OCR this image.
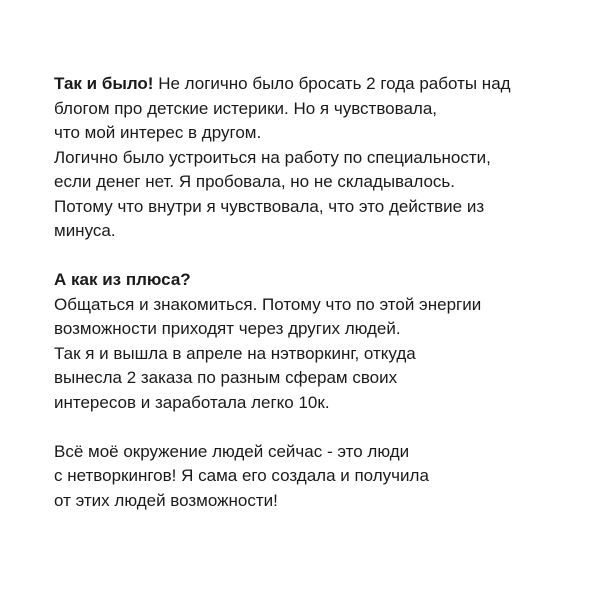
Так и было! Не логично было бросать 2 года работы над
блогом про детские истерики. Но я чувствовала,
что мой интерес в другом.
Логично было устроиться на работу по специальности,
если денег нет. Я пробовала, но не складывалось.
Потому что внутри я чувствовала, что это действие из
минуса.

А как из плюса?
Общаться и знакомиться. Потому что по этой энергии
возможности приходят через других людей.
Так я и вышла в апреле на нэтворкинг, откуда
вынесла 2 заказа по разным сферам своих
интересов и заработала легко 10к.

Всё моё окружение людей сейчас - это люди
с нетворкингов! Я сама его создала и получила
от этих людей возможности!
